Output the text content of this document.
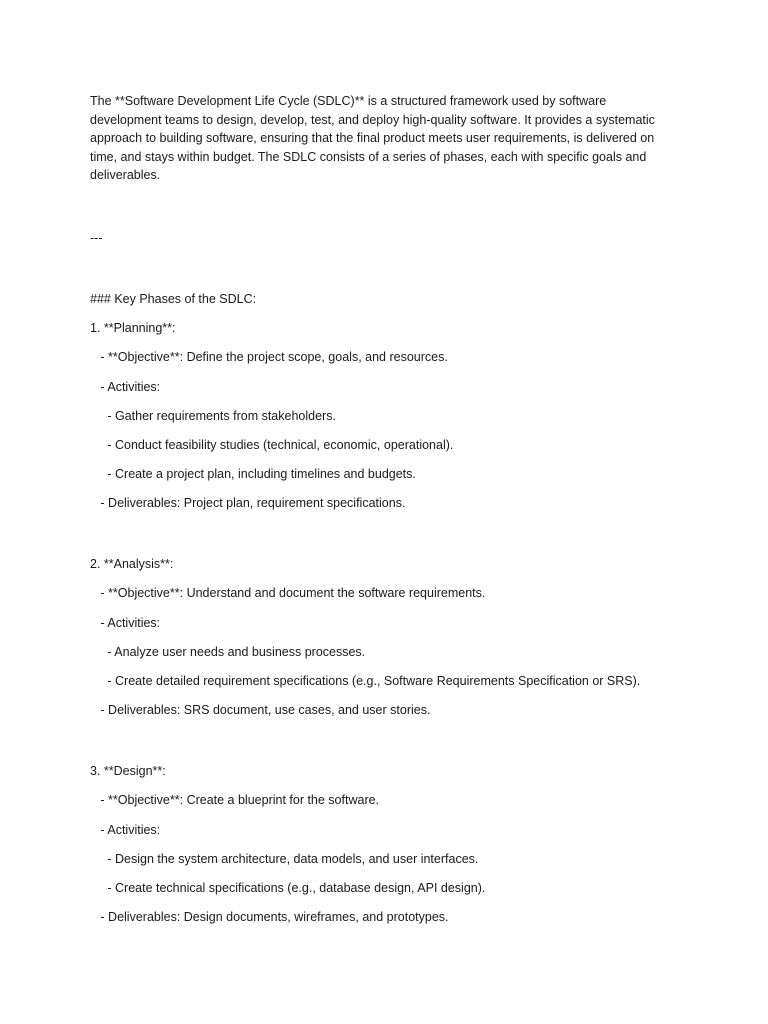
The **Software Development Life Cycle (SDLC)** is a structured framework used by software development teams to design, develop, test, and deploy high-quality software. It provides a systematic approach to building software, ensuring that the final product meets user requirements, is delivered on time, and stays within budget. The SDLC consists of a series of phases, each with specific goals and deliverables.

---

### Key Phases of the SDLC:

1. **Planning**:

- **Objective**: Define the project scope, goals, and resources.

- Activities:

- Gather requirements from stakeholders.

- Conduct feasibility studies (technical, economic, operational).

- Create a project plan, including timelines and budgets.

- Deliverables: Project plan, requirement specifications.

2. **Analysis**:

- **Objective**: Understand and document the software requirements.

- Activities:

- Analyze user needs and business processes.

- Create detailed requirement specifications (e.g., Software Requirements Specification or SRS).

- Deliverables: SRS document, use cases, and user stories.

3. **Design**:

- **Objective**: Create a blueprint for the software.

- Activities:

- Design the system architecture, data models, and user interfaces.

- Create technical specifications (e.g., database design, API design).

- Deliverables: Design documents, wireframes, and prototypes.
